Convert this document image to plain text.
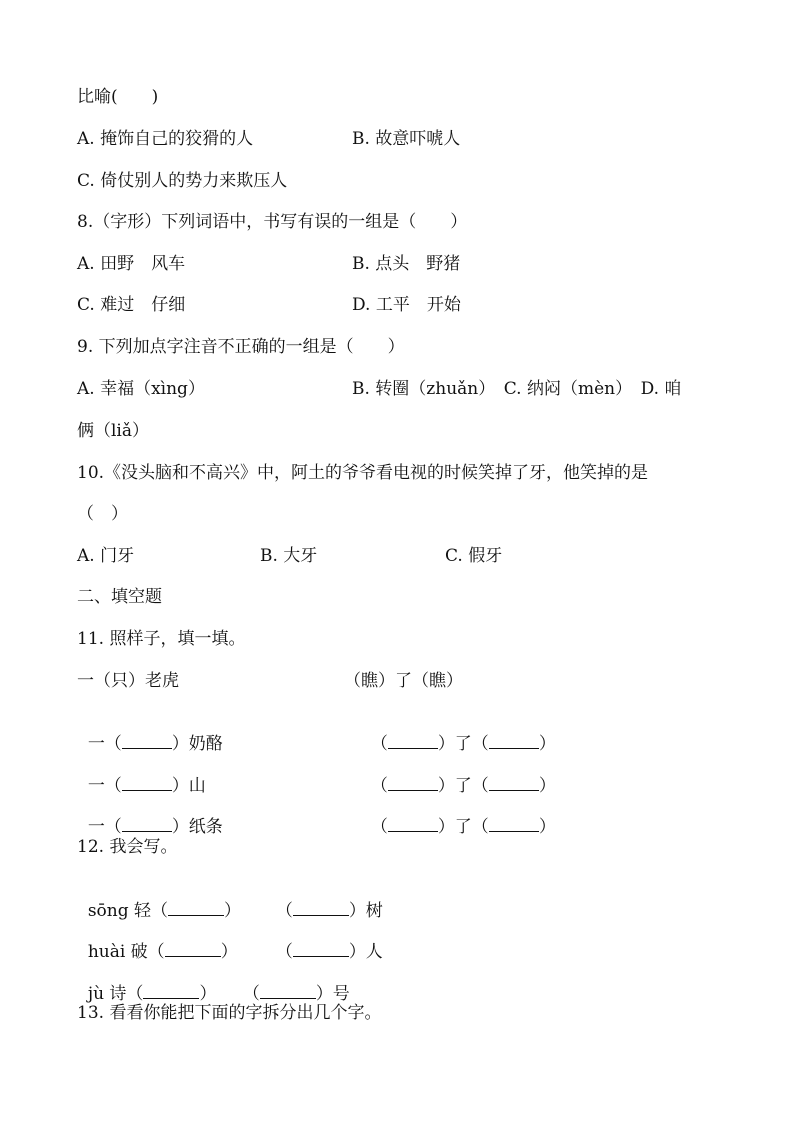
比喻(　　)
A. 掩饰自己的狡猾的人	B. 故意吓唬人
C. 倚仗别人的势力来欺压人
8.（字形）下列词语中，书写有误的一组是（　　）
A. 田野　风车	B. 点头　野猪
C. 难过　仔细	D. 工平　开始
9. 下列加点字注音不正确的一组是（　　）
A. 幸福（xìng）	B. 转圈（zhuǎn）　C. 纳闷（mèn）　D. 咱
俩（liǎ）
10.《没头脑和不高兴》中，阿土的爷爷看电视的时候笑掉了牙，他笑掉的是
（　）
A. 门牙	B. 大牙	C. 假牙
二、填空题
11. 照样子，填一填。
一（只）老虎	（瞧）了（瞧）

一（	）奶酪	（	）了（	）

一（	）山	（	）了（	）

一（	）纸条	（	）了（	）

12. 我会写。

sōng 轻（	）	（	）树

huài 破（	）	（	）人

jù 诗（	）	（	）号

13. 看看你能把下面的字拆分出几个字。
